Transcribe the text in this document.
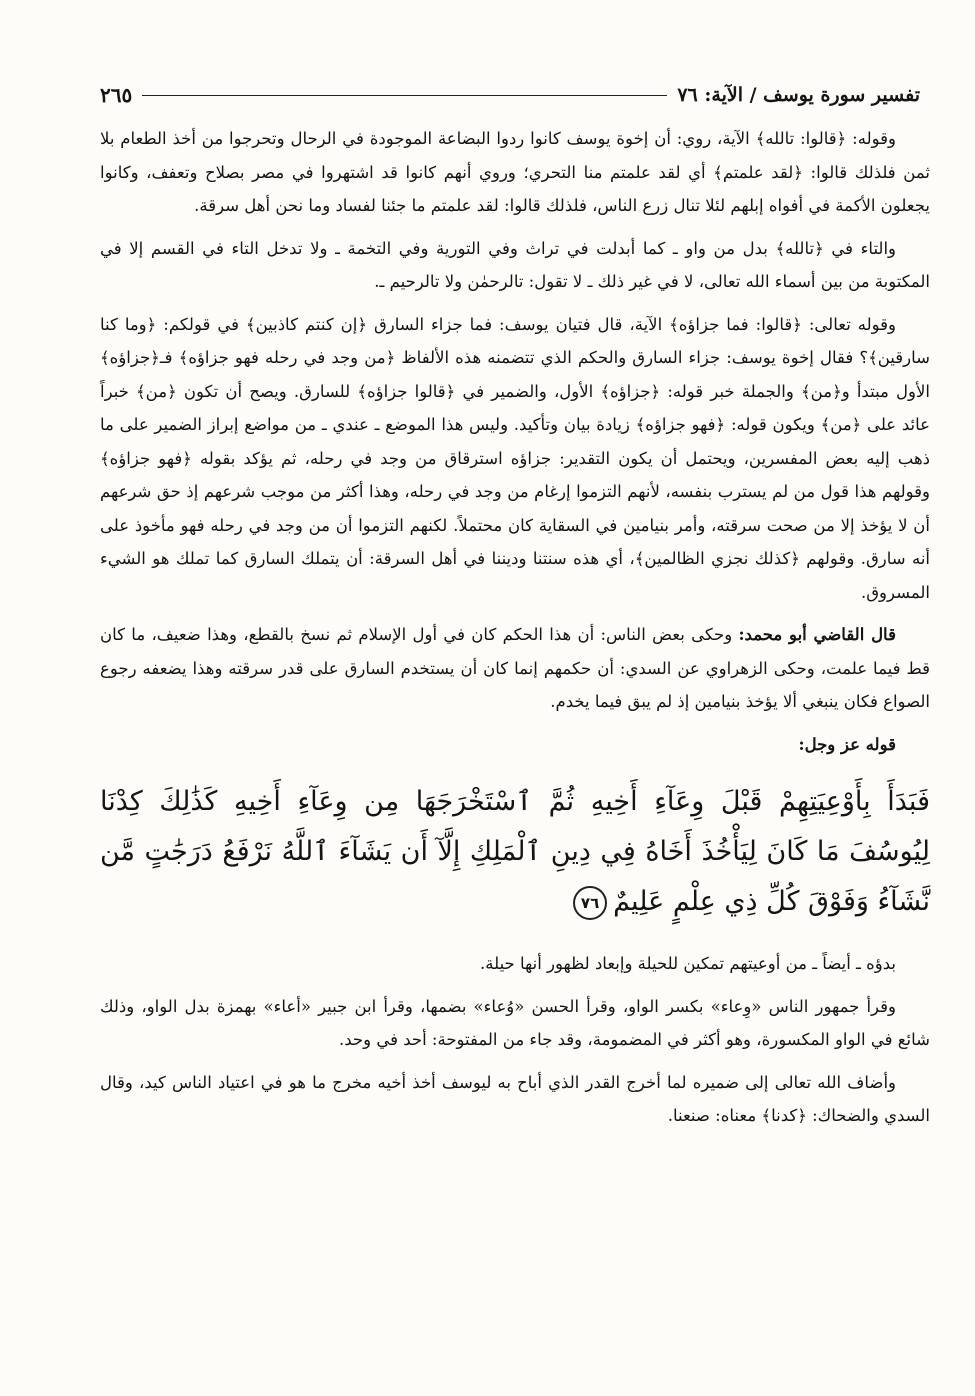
تفسير سورة يوسف / الآية: ٧٦
٢٦٥

وقوله: ﴿قالوا: تالله﴾ الآية، روي: أن إخوة يوسف كانوا ردوا البضاعة الموجودة في الرحال وتحرجوا من أخذ الطعام بلا ثمن فلذلك قالوا: ﴿لقد علمتم﴾ أي لقد علمتم منا التحري؛ وروي أنهم كانوا قد اشتهروا في مصر بصلاح وتعفف، وكانوا يجعلون الأكمة في أفواه إبلهم لئلا تنال زرع الناس، فلذلك قالوا: لقد علمتم ما جئنا لفساد وما نحن أهل سرقة.

والتاء في ﴿تالله﴾ بدل من واو ـ كما أبدلت في تراث وفي التورية وفي التخمة ـ ولا تدخل التاء في القسم إلا في المكتوبة من بين أسماء الله تعالى، لا في غير ذلك ـ لا تقول: تالرحمٰن ولا تالرحيم ـ.

وقوله تعالى: ﴿قالوا: فما جزاؤه﴾ الآية، قال فتيان يوسف: فما جزاء السارق ﴿إن كنتم كاذبين﴾ في قولكم: ﴿وما كنا سارقين﴾؟ فقال إخوة يوسف: جزاء السارق والحكم الذي تتضمنه هذه الألفاظ ﴿من وجد في رحله فهو جزاؤه﴾ فـ﴿جزاؤه﴾ الأول مبتدأ و﴿من﴾ والجملة خبر قوله: ﴿جزاؤه﴾ الأول، والضمير في ﴿قالوا جزاؤه﴾ للسارق. ويصح أن تكون ﴿من﴾ خبراً عائد على ﴿من﴾ ويكون قوله: ﴿فهو جزاؤه﴾ زيادة بيان وتأكيد. وليس هذا الموضع ـ عندي ـ من مواضع إبراز الضمير على ما ذهب إليه بعض المفسرين، ويحتمل أن يكون التقدير: جزاؤه استرقاق من وجد في رحله، ثم يؤكد بقوله ﴿فهو جزاؤه﴾ وقولهم هذا قول من لم يسترب بنفسه، لأنهم التزموا إرغام من وجد في رحله، وهذا أكثر من موجب شرعهم إذ حق شرعهم أن لا يؤخذ إلا من صحت سرقته، وأمر بنيامين في السقاية كان محتملاً. لكنهم التزموا أن من وجد في رحله فهو مأخوذ على أنه سارق. وقولهم ﴿كذلك نجزي الظالمين﴾، أي هذه سنتنا وديننا في أهل السرقة: أن يتملك السارق كما تملك هو الشيء المسروق.

قال القاضي أبو محمد: وحكى بعض الناس: أن هذا الحكم كان في أول الإسلام ثم نسخ بالقطع، وهذا ضعيف، ما كان قط فيما علمت، وحكى الزهراوي عن السدي: أن حكمهم إنما كان أن يستخدم السارق على قدر سرقته وهذا يضعفه رجوع الصواع فكان ينبغي ألا يؤخذ بنيامين إذ لم يبق فيما يخدم.

قوله عز وجل:

فَبَدَأَ بِأَوْعِيَتِهِمْ قَبْلَ وِعَآءِ أَخِيهِ ثُمَّ ٱسْتَخْرَجَهَا مِن وِعَآءِ أَخِيهِ كَذَٰلِكَ كِدْنَا لِيُوسُفَ مَا كَانَ لِيَأْخُذَ أَخَاهُ فِي دِينِ ٱلْمَلِكِ إِلَّآ أَن يَشَآءَ ٱللَّهُ نَرْفَعُ دَرَجَٰتٍ مَّن نَّشَآءُ وَفَوْقَ كُلِّ ذِي عِلْمٍ عَلِيمٌ٧٦

بدؤه ـ أيضاً ـ من أوعيتهم تمكين للحيلة وإبعاد لظهور أنها حيلة.

وقرأ جمهور الناس «وِعاء» بكسر الواو، وقرأ الحسن «وُعاء» بضمها، وقرأ ابن جبير «أعاء» بهمزة بدل الواو، وذلك شائع في الواو المكسورة، وهو أكثر في المضمومة، وقد جاء من المفتوحة: أحد في وحد.

وأضاف الله تعالى إلى ضميره لما أخرج القدر الذي أباح به ليوسف أخذ أخيه مخرج ما هو في اعتياد الناس كيد، وقال السدي والضحاك: ﴿كدنا﴾ معناه: صنعنا.
